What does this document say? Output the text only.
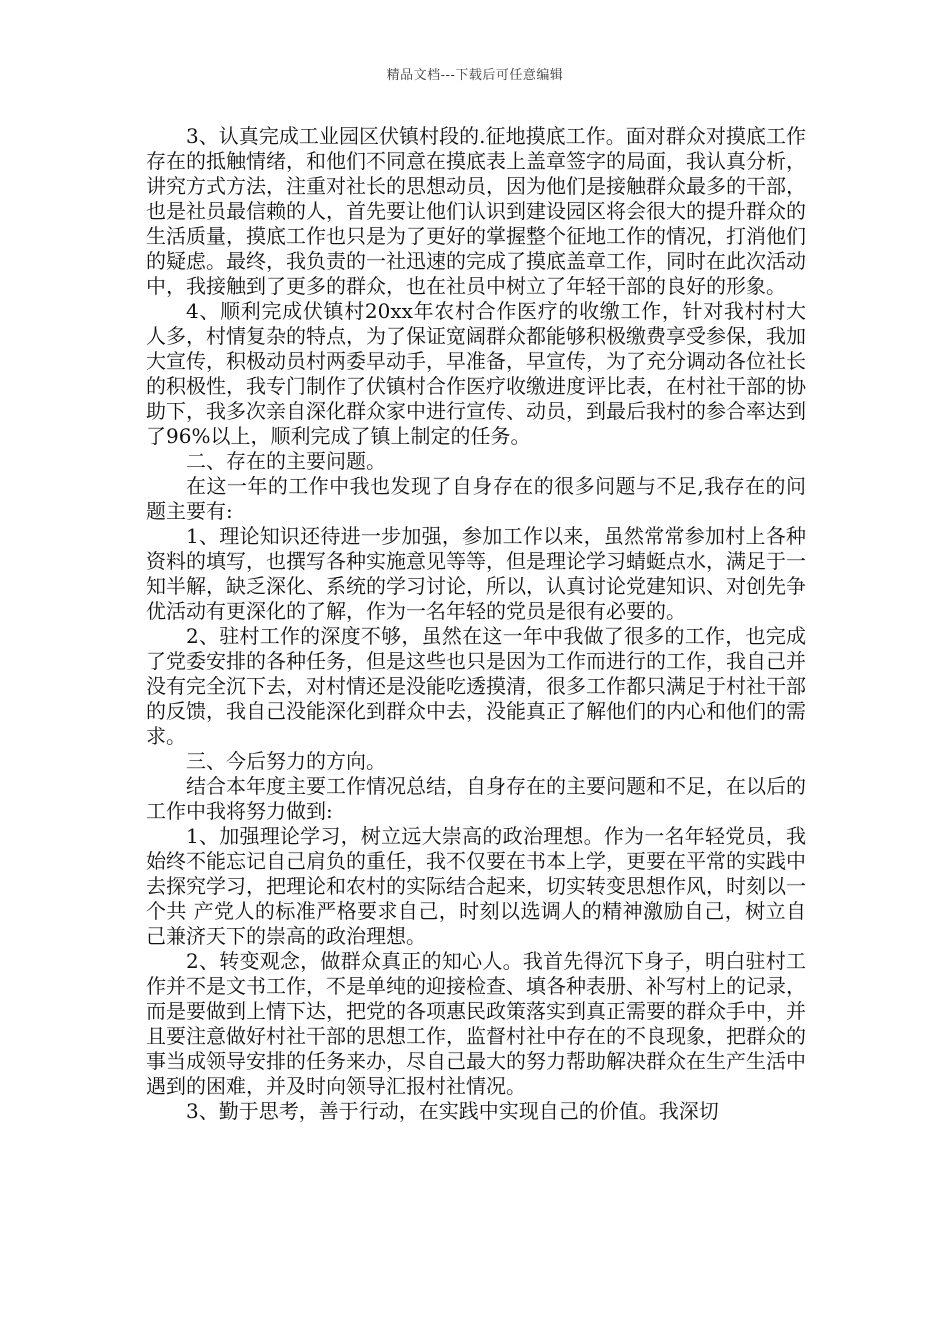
精品文档---下载后可任意编辑

3、认真完成工业园区伏镇村段的.征地摸底工作。面对群众对摸底工作存在的抵触情绪，和他们不同意在摸底表上盖章签字的局面，我认真分析，讲究方式方法，注重对社长的思想动员，因为他们是接触群众最多的干部，也是社员最信赖的人，首先要让他们认识到建设园区将会很大的提升群众的生活质量，摸底工作也只是为了更好的掌握整个征地工作的情况，打消他们的疑虑。最终，我负责的一社迅速的完成了摸底盖章工作，同时在此次活动中，我接触到了更多的群众，也在社员中树立了年轻干部的良好的形象。

4、顺利完成伏镇村20xx年农村合作医疗的收缴工作，针对我村村大人多，村情复杂的特点，为了保证宽阔群众都能够积极缴费享受参保，我加大宣传，积极动员村两委早动手，早准备，早宣传，为了充分调动各位社长的积极性，我专门制作了伏镇村合作医疗收缴进度评比表，在村社干部的协助下，我多次亲自深化群众家中进行宣传、动员，到最后我村的参合率达到了96%以上，顺利完成了镇上制定的任务。

二、存在的主要问题。

在这一年的工作中我也发现了自身存在的很多问题与不足,我存在的问题主要有:

1、理论知识还待进一步加强，参加工作以来，虽然常常参加村上各种资料的填写，也撰写各种实施意见等等，但是理论学习蜻蜓点水，满足于一知半解，缺乏深化、系统的学习讨论，所以，认真讨论党建知识、对创先争优活动有更深化的了解，作为一名年轻的党员是很有必要的。

2、驻村工作的深度不够，虽然在这一年中我做了很多的工作，也完成了党委安排的各种任务，但是这些也只是因为工作而进行的工作，我自己并没有完全沉下去，对村情还是没能吃透摸清，很多工作都只满足于村社干部的反馈，我自己没能深化到群众中去，没能真正了解他们的内心和他们的需求。

三、今后努力的方向。

结合本年度主要工作情况总结，自身存在的主要问题和不足，在以后的工作中我将努力做到:

1、加强理论学习，树立远大崇高的政治理想。作为一名年轻党员，我始终不能忘记自己肩负的重任，我不仅要在书本上学，更要在平常的实践中去探究学习，把理论和农村的实际结合起来，切实转变思想作风，时刻以一个共 产党人的标准严格要求自己，时刻以选调人的精神激励自己，树立自己兼济天下的崇高的政治理想。

2、转变观念，做群众真正的知心人。我首先得沉下身子，明白驻村工作并不是文书工作，不是单纯的迎接检查、填各种表册、补写村上的记录，而是要做到上情下达，把党的各项惠民政策落实到真正需要的群众手中，并且要注意做好村社干部的思想工作，监督村社中存在的不良现象，把群众的事当成领导安排的任务来办，尽自己最大的努力帮助解决群众在生产生活中遇到的困难，并及时向领导汇报村社情况。

3、勤于思考，善于行动，在实践中实现自己的价值。我深切
